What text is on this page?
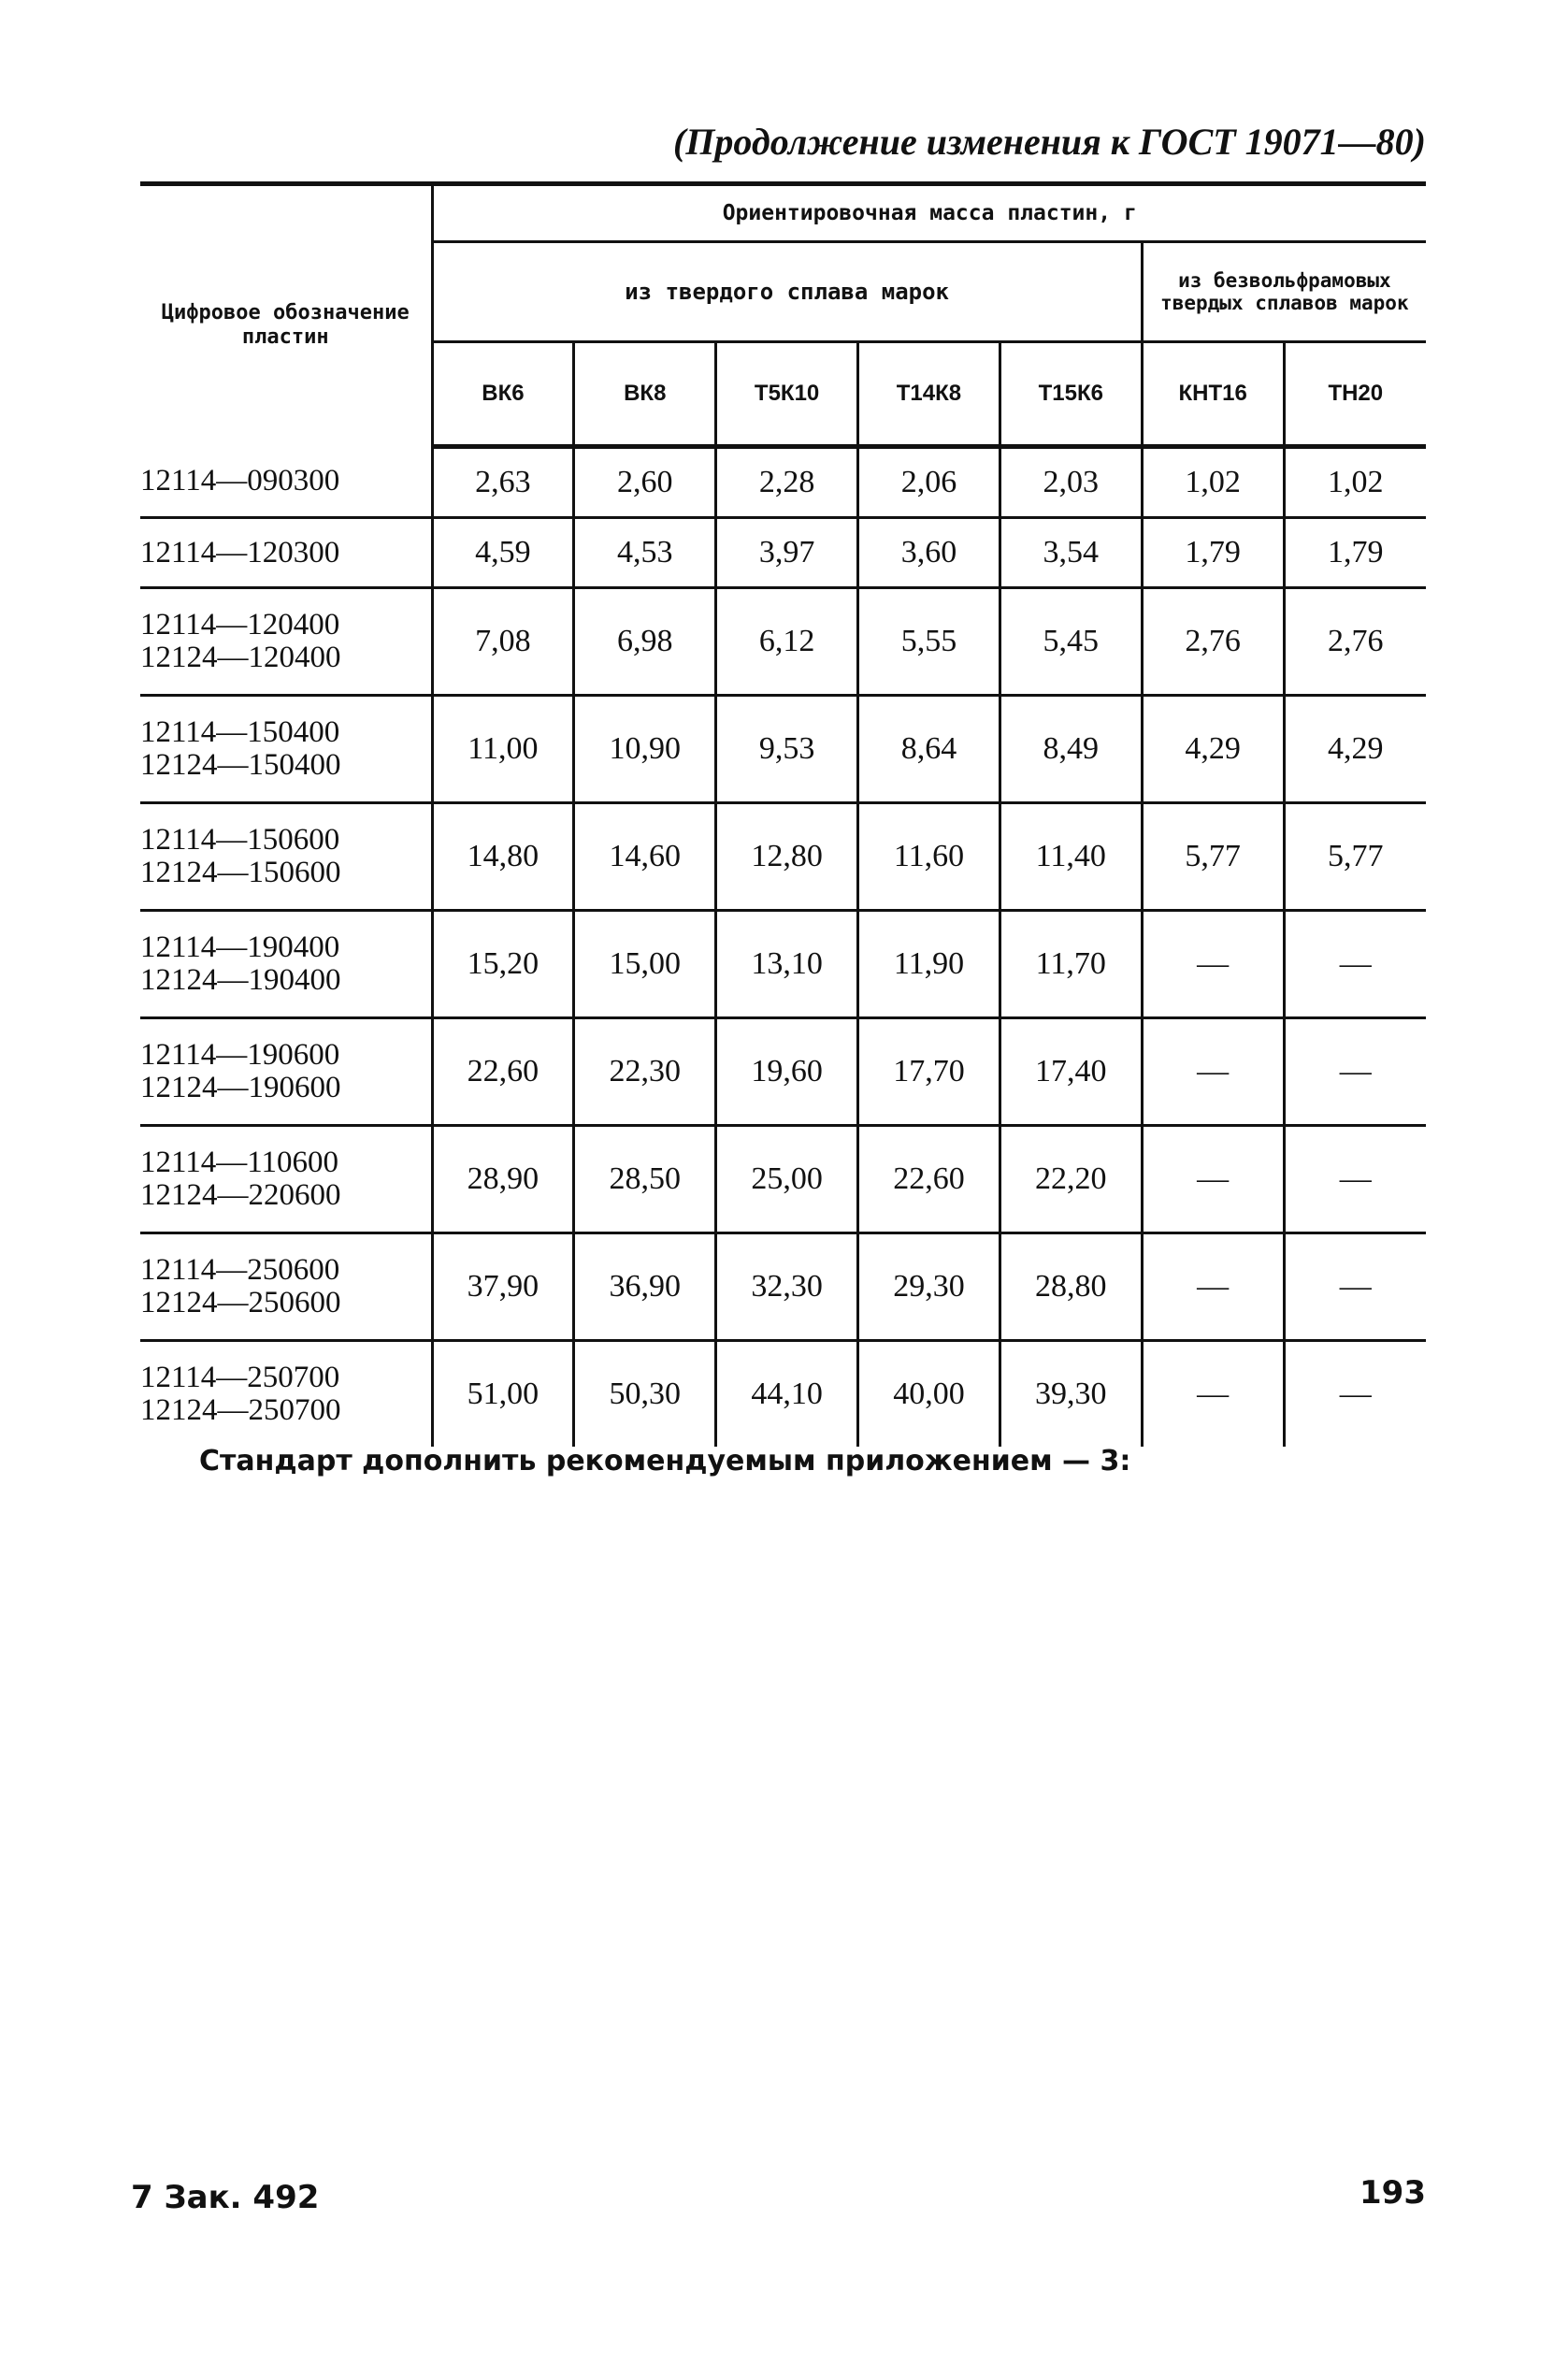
(Продолжение изменения к ГОСТ 19071—80)
Цифровое обозначение пластин	Ориентировочная масса пластин, г						
	из твердого сплава марок					из безвольфрамовых твердых сплавов марок	
	ВК6	ВК8	Т5К10	Т14К8	Т15К6	КНТ16	ТН20

12114—090300	2,63	2,60	2,28	2,06	2,03	1,02	1,02

12114—120300	4,59	4,53	3,97	3,60	3,54	1,79	1,79

12114—120400
12124—120400	7,08	6,98	6,12	5,55	5,45	2,76	2,76

12114—150400
12124—150400	11,00	10,90	9,53	8,64	8,49	4,29	4,29

12114—150600
12124—150600	14,80	14,60	12,80	11,60	11,40	5,77	5,77

12114—190400
12124—190400	15,20	15,00	13,10	11,90	11,70	—	—

12114—190600
12124—190600	22,60	22,30	19,60	17,70	17,40	—	—

12114—110600
12124—220600	28,90	28,50	25,00	22,60	22,20	—	—

12114—250600
12124—250600	37,90	36,90	32,30	29,30	28,80	—	—

12114—250700
12124—250700	51,00	50,30	44,10	40,00	39,30	—	—
Стандарт дополнить рекомендуемым приложением — 3:
7 Зак. 492	193
